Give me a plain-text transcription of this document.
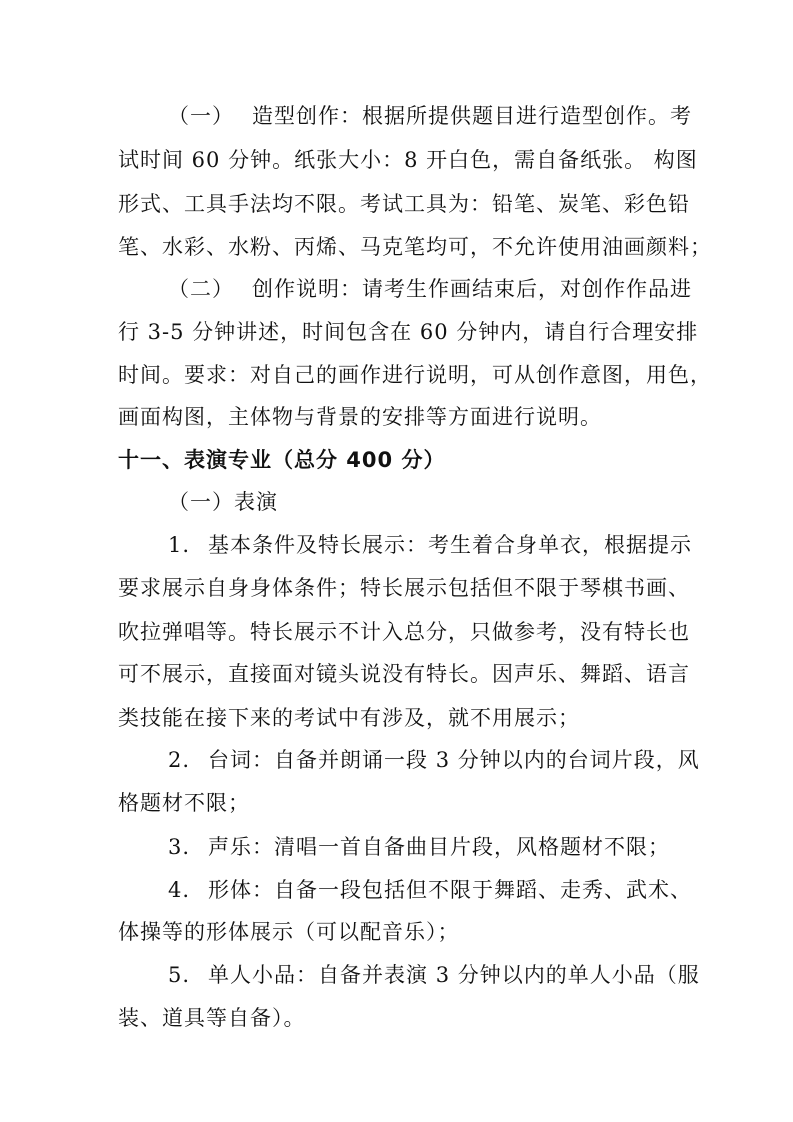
（一） 造型创作：根据所提供题目进行造型创作。考
试时间 60 分钟。纸张大小：8 开白色，需自备纸张。 构图
形式、工具手法均不限。考试工具为：铅笔、炭笔、彩色铅
笔、水彩、水粉、丙烯、马克笔均可，不允许使用油画颜料；
（二） 创作说明：请考生作画结束后，对创作作品进
行 3-5 分钟讲述，时间包含在 60 分钟内，请自行合理安排
时间。要求：对自己的画作进行说明，可从创作意图，用色，
画面构图，主体物与背景的安排等方面进行说明。
十一、表演专业（总分 400 分）
（一）表演
1. 基本条件及特长展示：考生着合身单衣，根据提示
要求展示自身身体条件；特长展示包括但不限于琴棋书画、
吹拉弹唱等。特长展示不计入总分，只做参考，没有特长也
可不展示，直接面对镜头说没有特长。因声乐、舞蹈、语言
类技能在接下来的考试中有涉及，就不用展示；
2. 台词：自备并朗诵一段 3 分钟以内的台词片段，风
格题材不限；
3. 声乐：清唱一首自备曲目片段，风格题材不限；
4. 形体：自备一段包括但不限于舞蹈、走秀、武术、
体操等的形体展示（可以配音乐）；
5. 单人小品：自备并表演 3 分钟以内的单人小品（服
装、道具等自备）。
